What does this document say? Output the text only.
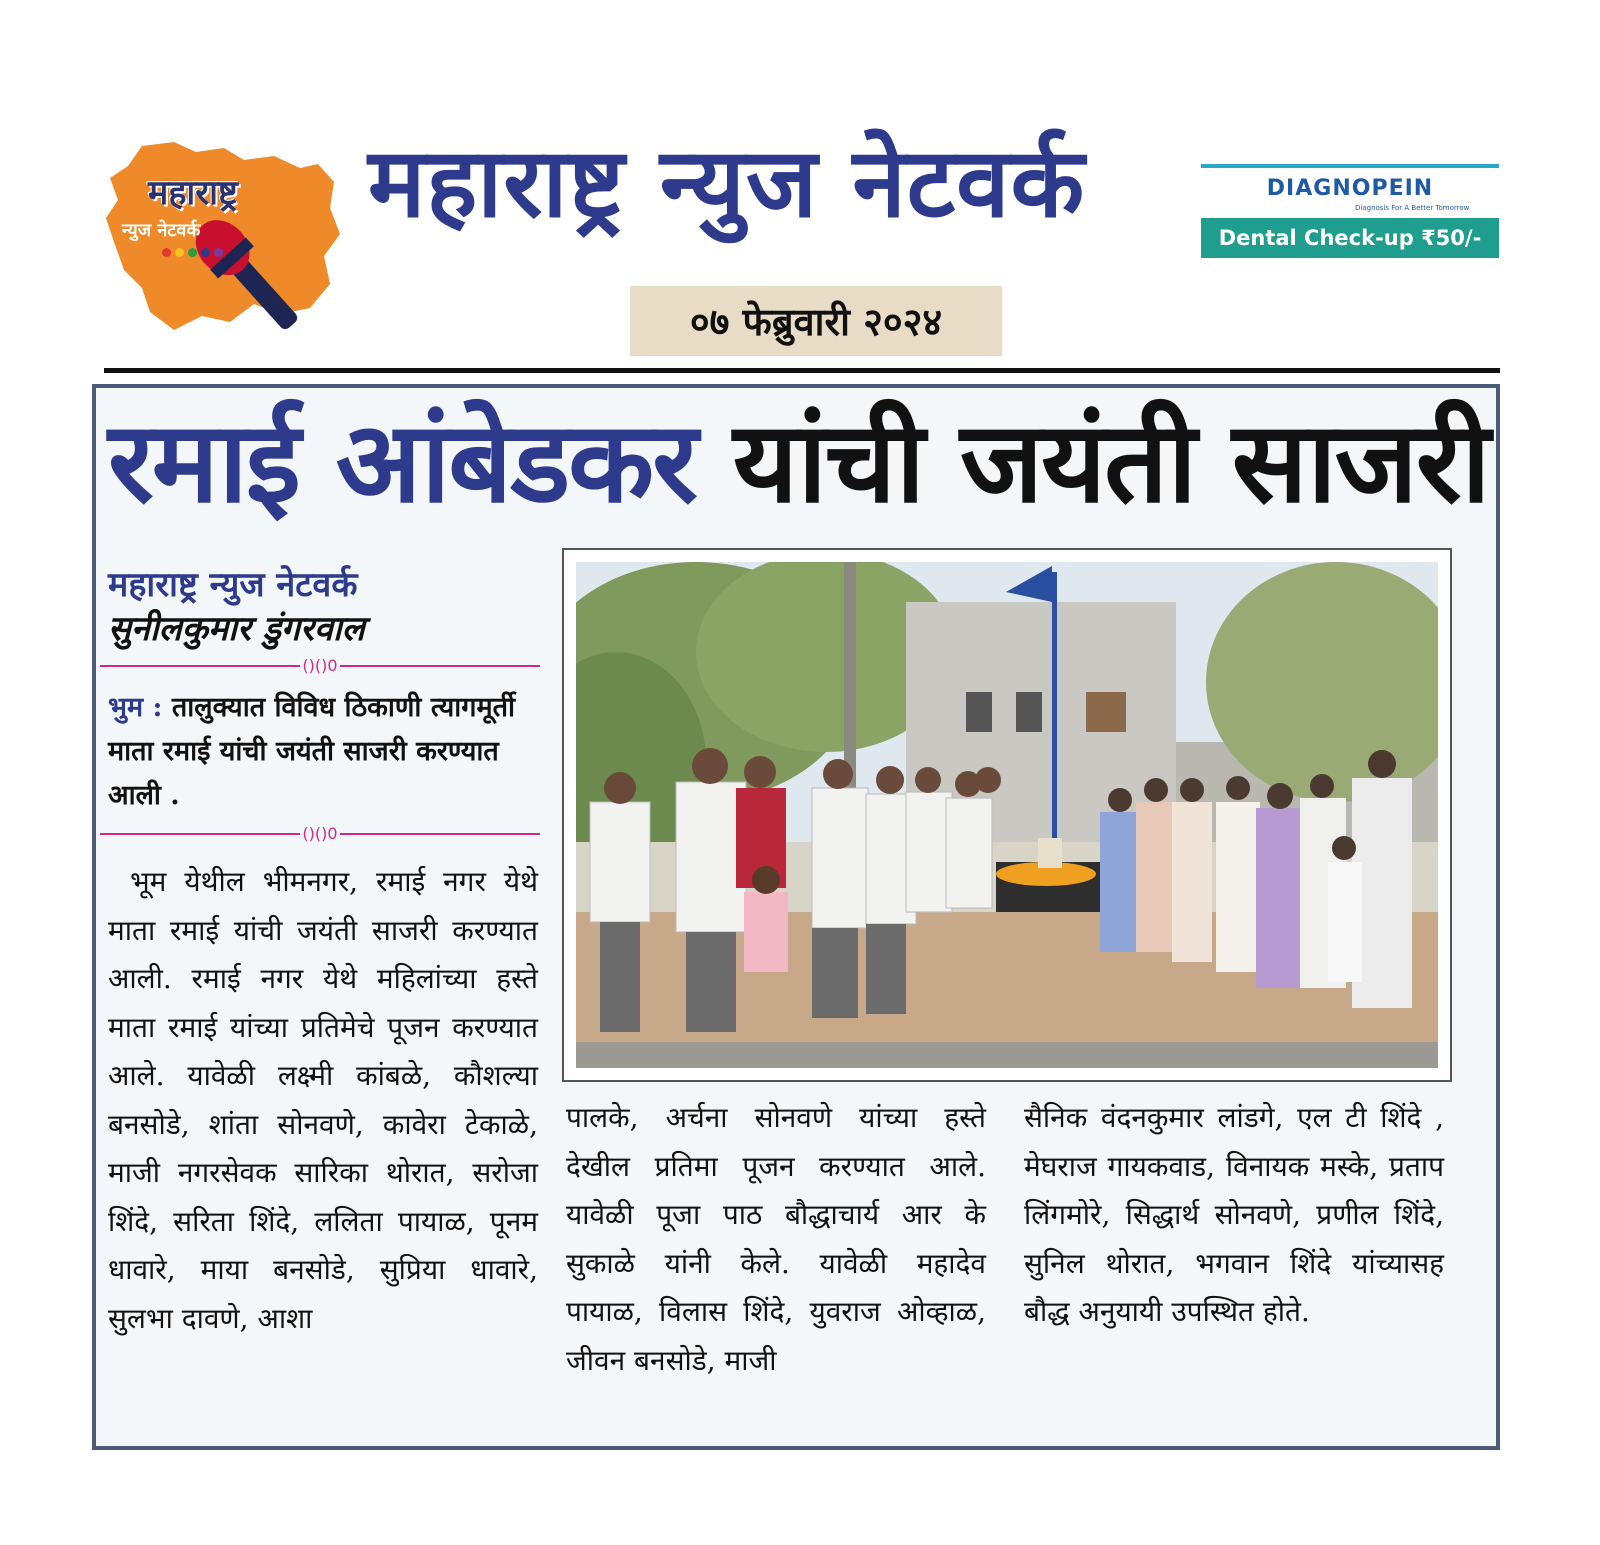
महाराष्ट्र
न्युज नेटवर्क महाराष्ट्र न्युज नेटवर्क
०७ फेब्रुवारी २०२४
DIAGNOPEIN
Diagnosis For A Better Tomorrow
Dental Check-up ₹50/-
रमाई आंबेडकर यांची जयंती साजरी
महाराष्ट्र न्युज नेटवर्क
सुनीलकुमार डुंगरवाल
()()0
भुम : तालुक्यात विविध ठिकाणी त्यागमूर्ती माता रमाई यांची जयंती साजरी करण्यात आली .
()()0
भूम येथील भीमनगर, रमाई नगर येथे माता रमाई यांची जयंती साजरी करण्यात आली. रमाई नगर येथे महिलांच्या हस्ते माता रमाई यांच्या प्रतिमेचे पूजन करण्यात आले. यावेळी लक्ष्मी कांबळे, कौशल्या बनसोडे, शांता सोनवणे, कावेरा टेकाळे, माजी नगरसेवक सारिका थोरात, सरोजा शिंदे, सरिता शिंदे, ललिता पायाळ, पूनम धावारे, माया बनसोडे, सुप्रिया धावारे, सुलभा दावणे, आशा
पालके, अर्चना सोनवणे यांच्या हस्ते देखील प्रतिमा पूजन करण्यात आले. यावेळी पूजा पाठ बौद्धाचार्य आर के सुकाळे यांनी केले. यावेळी महादेव पायाळ, विलास शिंदे, युवराज ओव्हाळ, जीवन बनसोडे, माजी
सैनिक वंदनकुमार लांडगे, एल टी शिंदे , मेघराज गायकवाड, विनायक मस्के, प्रताप लिंगमोरे, सिद्धार्थ सोनवणे, प्रणील शिंदे, सुनिल थोरात, भगवान शिंदे यांच्यासह बौद्ध अनुयायी उपस्थित होते.
